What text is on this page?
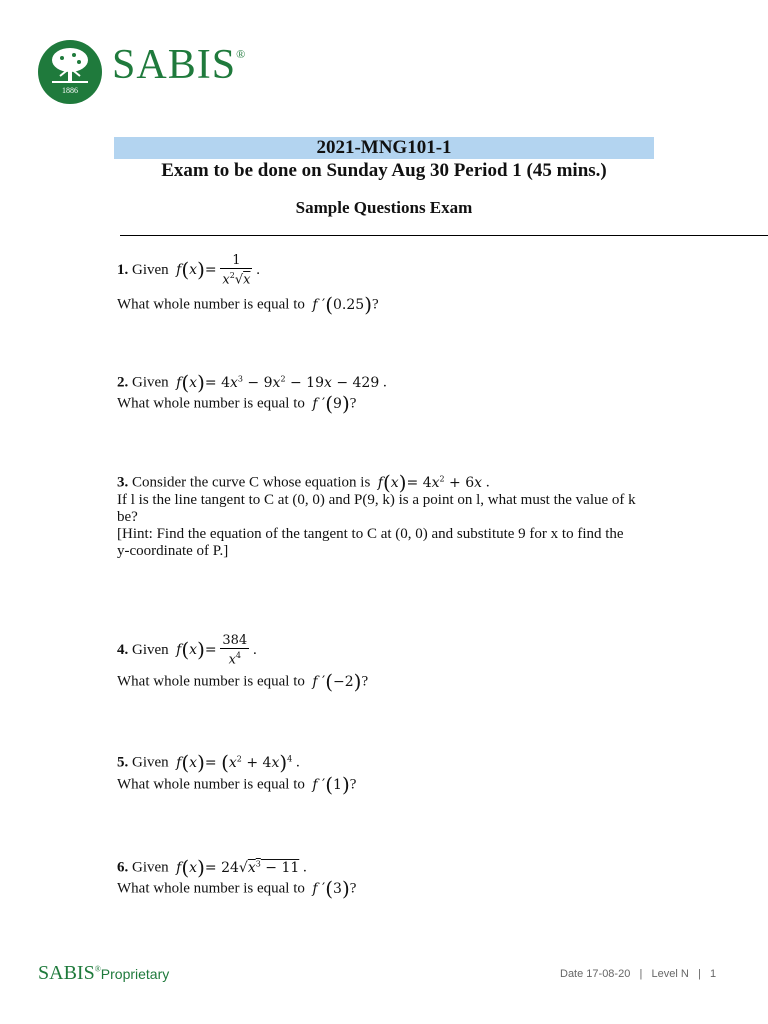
1886
SABIS®
2021-MNG101-1
Exam to be done on Sunday Aug 30 Period 1 (45 mins.)
Sample Questions Exam
1. Given $f(x)= \frac{1}{x^2√x}$ .
What whole number is equal to f ′(0.25)?
2. Given $f(x)= 4x^3 - 9x^2 - 19x - 429$ .
What whole number is equal to f ′(9)?
3. Consider the curve C whose equation is $f(x)= 4x^2 + 6x$ .
If l is the line tangent to C at (0, 0) and P(9, k) is a point on l, what must the value of k
be?
[Hint: Find the equation of the tangent to C at (0, 0) and substitute 9 for x to find the
y-coordinate of P.]
4. Given $f(x)= \frac{384}{x^4}$ .
What whole number is equal to f ′(−2)?
5. Given $f(x)= (x^2 + 4x)^4$ .
What whole number is equal to f ′(1)?
6. Given $f(x)= 24√x^3 - 11$ .
What whole number is equal to f ′(3)?
SABIS®Proprietary	Date 17-08-20   |   Level N   |   1
